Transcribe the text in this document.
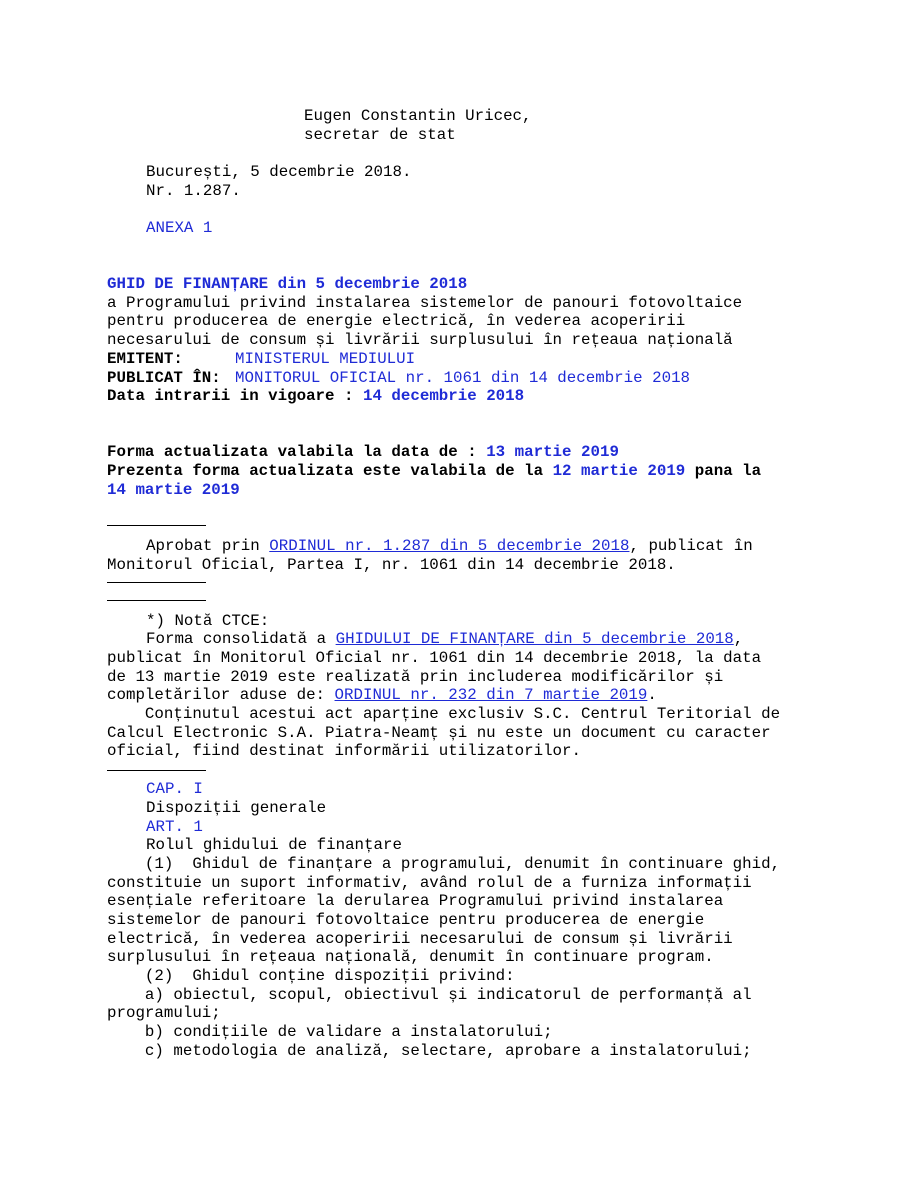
Eugen Constantin Uricec,
secretar de stat
București, 5 decembrie 2018.
Nr. 1.287.
ANEXA 1
GHID DE FINANȚARE din 5 decembrie 2018
a Programului privind instalarea sistemelor de panouri fotovoltaice
pentru producerea de energie electrică, în vederea acoperirii
necesarului de consum și livrării surplusului în rețeaua națională
EMITENT:	MINISTERUL MEDIULUI
PUBLICAT ÎN: MONITORUL OFICIAL nr. 1061 din 14 decembrie 2018
Data intrarii in vigoare : 14 decembrie 2018
Forma actualizata valabila la data de : 13 martie 2019
Prezenta forma actualizata este valabila de la 12 martie 2019 pana la
14 martie 2019
Aprobat prin ORDINUL nr. 1.287 din 5 decembrie 2018, publicat în
Monitorul Oficial, Partea I, nr. 1061 din 14 decembrie 2018.
*) Notă CTCE:
Forma consolidată a GHIDULUI DE FINANȚARE din 5 decembrie 2018,
publicat în Monitorul Oficial nr. 1061 din 14 decembrie 2018, la data
de 13 martie 2019 este realizată prin includerea modificărilor și
completărilor aduse de: ORDINUL nr. 232 din 7 martie 2019.
Conținutul acestui act aparține exclusiv S.C. Centrul Teritorial de
Calcul Electronic S.A. Piatra-Neamț și nu este un document cu caracter
oficial, fiind destinat informării utilizatorilor.
CAP. I
Dispoziții generale
ART. 1
Rolul ghidului de finanțare
(1)  Ghidul de finanțare a programului, denumit în continuare ghid,
constituie un suport informativ, având rolul de a furniza informații
esențiale referitoare la derularea Programului privind instalarea
sistemelor de panouri fotovoltaice pentru producerea de energie
electrică, în vederea acoperirii necesarului de consum și livrării
surplusului în rețeaua națională, denumit în continuare program.
(2)  Ghidul conține dispoziții privind:
a) obiectul, scopul, obiectivul și indicatorul de performanță al
programului;
b) condițiile de validare a instalatorului;
c) metodologia de analiză, selectare, aprobare a instalatorului;
